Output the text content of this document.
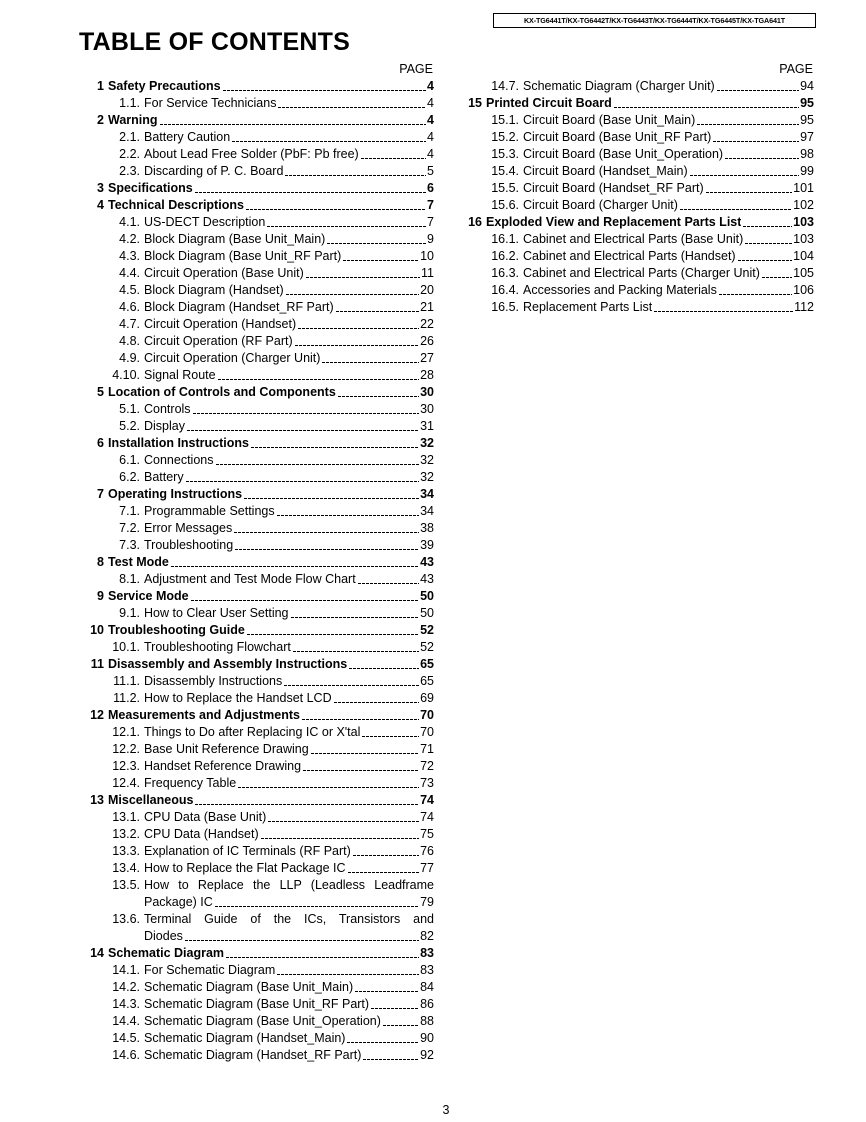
KX-TG6441T/KX-TG6442T/KX-TG6443T/KX-TG6444T/KX-TG6445T/KX-TGA641T
TABLE OF CONTENTS
PAGE
1 Safety Precautions	4
1.1. For Service Technicians	4
2 Warning	4
2.1. Battery Caution	4
2.2. About Lead Free Solder (PbF: Pb free)	4
2.3. Discarding of P. C. Board	5
3 Specifications	6
4 Technical Descriptions	7
4.1. US-DECT Description	7
4.2. Block Diagram (Base Unit_Main)	9
4.3. Block Diagram (Base Unit_RF Part)	10
4.4. Circuit Operation (Base Unit)	11
4.5. Block Diagram (Handset)	20
4.6. Block Diagram (Handset_RF Part)	21
4.7. Circuit Operation (Handset)	22
4.8. Circuit Operation (RF Part)	26
4.9. Circuit Operation (Charger Unit)	27
4.10. Signal Route	28
5 Location of Controls and Components	30
5.1. Controls	30
5.2. Display	31
6 Installation Instructions	32
6.1. Connections	32
6.2. Battery	32
7 Operating Instructions	34
7.1. Programmable Settings	34
7.2. Error Messages	38
7.3. Troubleshooting	39
8 Test Mode	43
8.1. Adjustment and Test Mode Flow Chart	43
9 Service Mode	50
9.1. How to Clear User Setting	50
10 Troubleshooting Guide	52
10.1. Troubleshooting Flowchart	52
11 Disassembly and Assembly Instructions	65
11.1. Disassembly Instructions	65
11.2. How to Replace the Handset LCD	69
12 Measurements and Adjustments	70
12.1. Things to Do after Replacing IC or X'tal	70
12.2. Base Unit Reference Drawing	71
12.3. Handset Reference Drawing	72
12.4. Frequency Table	73
13 Miscellaneous	74
13.1. CPU Data (Base Unit)	74
13.2. CPU Data (Handset)	75
13.3. Explanation of IC Terminals (RF Part)	76
13.4. How to Replace the Flat Package IC	77
13.5. How to Replace the LLP (Leadless Leadframe
Package) IC	79
13.6. Terminal Guide of the ICs, Transistors and
Diodes	82
14 Schematic Diagram	83
14.1. For Schematic Diagram	83
14.2. Schematic Diagram (Base Unit_Main)	84
14.3. Schematic Diagram (Base Unit_RF Part)	86
14.4. Schematic Diagram (Base Unit_Operation)	88
14.5. Schematic Diagram (Handset_Main)	90
14.6. Schematic Diagram (Handset_RF Part)	92
PAGE
14.7. Schematic Diagram (Charger Unit)	94
15 Printed Circuit Board	95
15.1. Circuit Board (Base Unit_Main)	95
15.2. Circuit Board (Base Unit_RF Part)	97
15.3. Circuit Board (Base Unit_Operation)	98
15.4. Circuit Board (Handset_Main)	99
15.5. Circuit Board (Handset_RF Part)	101
15.6. Circuit Board (Charger Unit)	102
16 Exploded View and Replacement Parts List	103
16.1. Cabinet and Electrical Parts (Base Unit)	103
16.2. Cabinet and Electrical Parts (Handset)	104
16.3. Cabinet and Electrical Parts (Charger Unit)	105
16.4. Accessories and Packing Materials	106
16.5. Replacement Parts List	112
3
